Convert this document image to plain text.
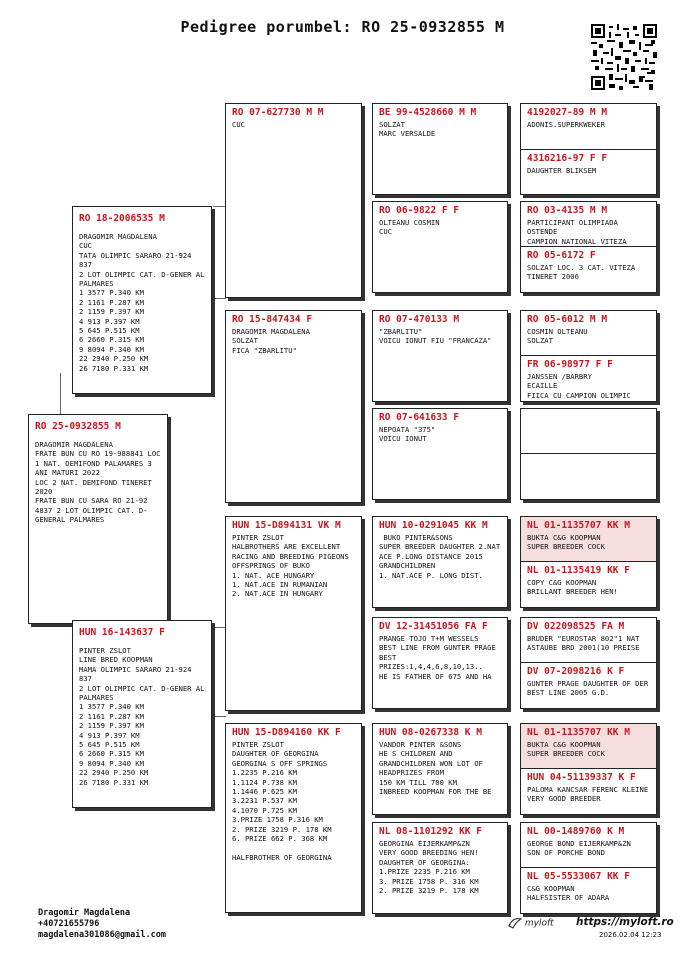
Pedigree porumbel: RO 25-0932855 M
RO 25-0932855 M
DRAGOMIR MAGDALENA
FRATE BUN CU RO 19-988841 LOC 1 NAT. DEMIFOND PALAMARES 3 ANI MATURI 2022
LOC 2 NAT. DEMIFOND TINERET 2020
FRATE BUN CU SARA RO 21-92 4837 2 LOT OLIMPIC CAT. D-GENERAL PALMARES
RO 18-2006535 M
DRAGOMIR MAGDALENA
CUC
TATA OLIMPIC SARARO 21-924 837
2 LOT OLIMPIC CAT. D-GENER AL PALMARES
1 3577 P.340 KM
2 1161 P.287 KM
2 1159 P.397 KM
4 913 P.397 KM
5 645 P.515 KM
6 2660 P.315 KM
9 8094 P.340 KM
22 2940 P.250 KM
26 7180 P.331 KM
HUN 16-143637 F
PINTER ZSLOT
LINE BRED KOOPMAN
MAMA OLIMPIC SARARO 21-924 837
2 LOT OLIMPIC CAT. D-GENER AL PALMARES
1 3577 P.340 KM
2 1161 P.287 KM
2 1159 P.397 KM
4 913 P.397 KM
5 645 P.515 KM
6 2660 P.315 KM
9 8094 P.340 KM
22 2940 P.250 KM
26 7180 P.331 KM
RO 07-627730 M M
CUC
RO 15-847434 F
DRAGOMIR MAGDALENA
SOLZAT
FICA "ZBARLITU"
HUN 15-D894131 VK M
PINTER ZSLOT
HALBROTHERS ARE EXCELLENT RACING AND BREEDING PIGEONS
OFFSPRINGS OF BUKO
1. NAT. ACE HUNGARY
1. NAT.ACE IN RUMANIAN
2. NAT.ACE IN HUNGARY
HUN 15-D894160 KK F
PINTER ZSLOT
DAUGHTER OF GEORGINA
GEORGINA S OFF SPRINGS
1.2235 P.216 KM
1.1124 P.738 KM
1.1446 P.625 KM
3.2231 P.537 KM
4.1070 P.725 KM
3.PRIZE 1758 P.316 KM
2. PRIZE 3219 P. 178 KM
6. PRIZE 662 P. 368 KM

HALFBROTHER OF GEORGINA
BE 99-4528660 M M
SOLZAT
MARC VERSALDE
RO 06-9822 F F
OLTEANU COSMIN
CUC
RO 07-470133 M
"ZBARLITU"
VOICU IONUT FIU "FRANCAZA"
RO 07-641633 F
NEPOATA "375"
VOICU IONUT
HUN 10-0291045 KK M
BUKO PINTER&SONS
SUPER BREEDER DAUGHTER 2.NAT ACE P.LONG DISTANCE 2015
GRANDCHILDREN
1. NAT.ACE P. LONG DIST.
DV 12-31451056 FA F
PRANGE TOJO T+M WESSELS
BEST LINE FROM GUNTER PRAGE
BEST PRIZES:1,4,4,6,8,10,13..
HE IS FATHER OF 675 AND HA
HUN 08-0267338 K M
VANDOR PINTER &SONS
HE S CHILDREN AND GRANDCHILDREN WON LOT OF HEADPRIZES FROM
150 KM TILL 700 KM
INBREED KOOPMAN FOR THE BE
NL 08-1101292 KK F
GEORGINA EIJERKAMP&ZN
VERY GOOD BREEDING HEN!
DAUGHTER OF GEORGINA:
1.PRIZE 2235 P.216 KM
3. PRIZE 1758 P. 316 KM
2. PRIZE 3219 P. 178 KM
4192027-89 M M
ADONIS.SUPERKWEKER
4316216-97 F F
DAUGHTER BLIKSEM
RO 03-4135 M M
PARTICIPANT OLIMPIADA OSTENDE
CAMPION NATIONAL VITEZA
RO 05-6172 F
SOLZAT LOC. 3 CAT. VITEZA TINERET 2006
RO 05-6012 M M
COSMIN OLTEANU
SOLZAT
FR 06-98977 F F
JANSSEN /BARBRY
ECAILLE
FIICA CU CAMPION OLIMPIC
NL 01-1135707 KK M
BUKTA C&G KOOPMAN
SUPER BREEDER COCK
NL 01-1135419 KK F
COPY C&G KOOPMAN
BRILLANT BREEDER HEN!
DV 022098525 FA M
BRUDER "EUROSTAR 802"1 NAT ASTAUBE BRD 2001(10 PREISE
DV 07-2098216 K F
GUNTER PRAGE DAUGHTER OF DER
BEST LINE 2005 G.D.
NL 01-1135707 KK M
BUKTA C&G KOOPMAN
SUPER BREEDER COCK
HUN 04-51139337 K F
PALOMA KANCSAR FERENC KLEINE
VERY GOOD BREEDER
NL 00-1489760 K M
GEORGE BOND EIJERKAMP&ZN
SON OF PORCHE BOND
NL 05-5533067 KK F
C&G KOOPMAN
HALFSISTER OF ADARA
Dragomir Magdalena
+40721655796
magdalena301086@gmail.com
myloft https://myloft.ro
2026.02.04 12:23
